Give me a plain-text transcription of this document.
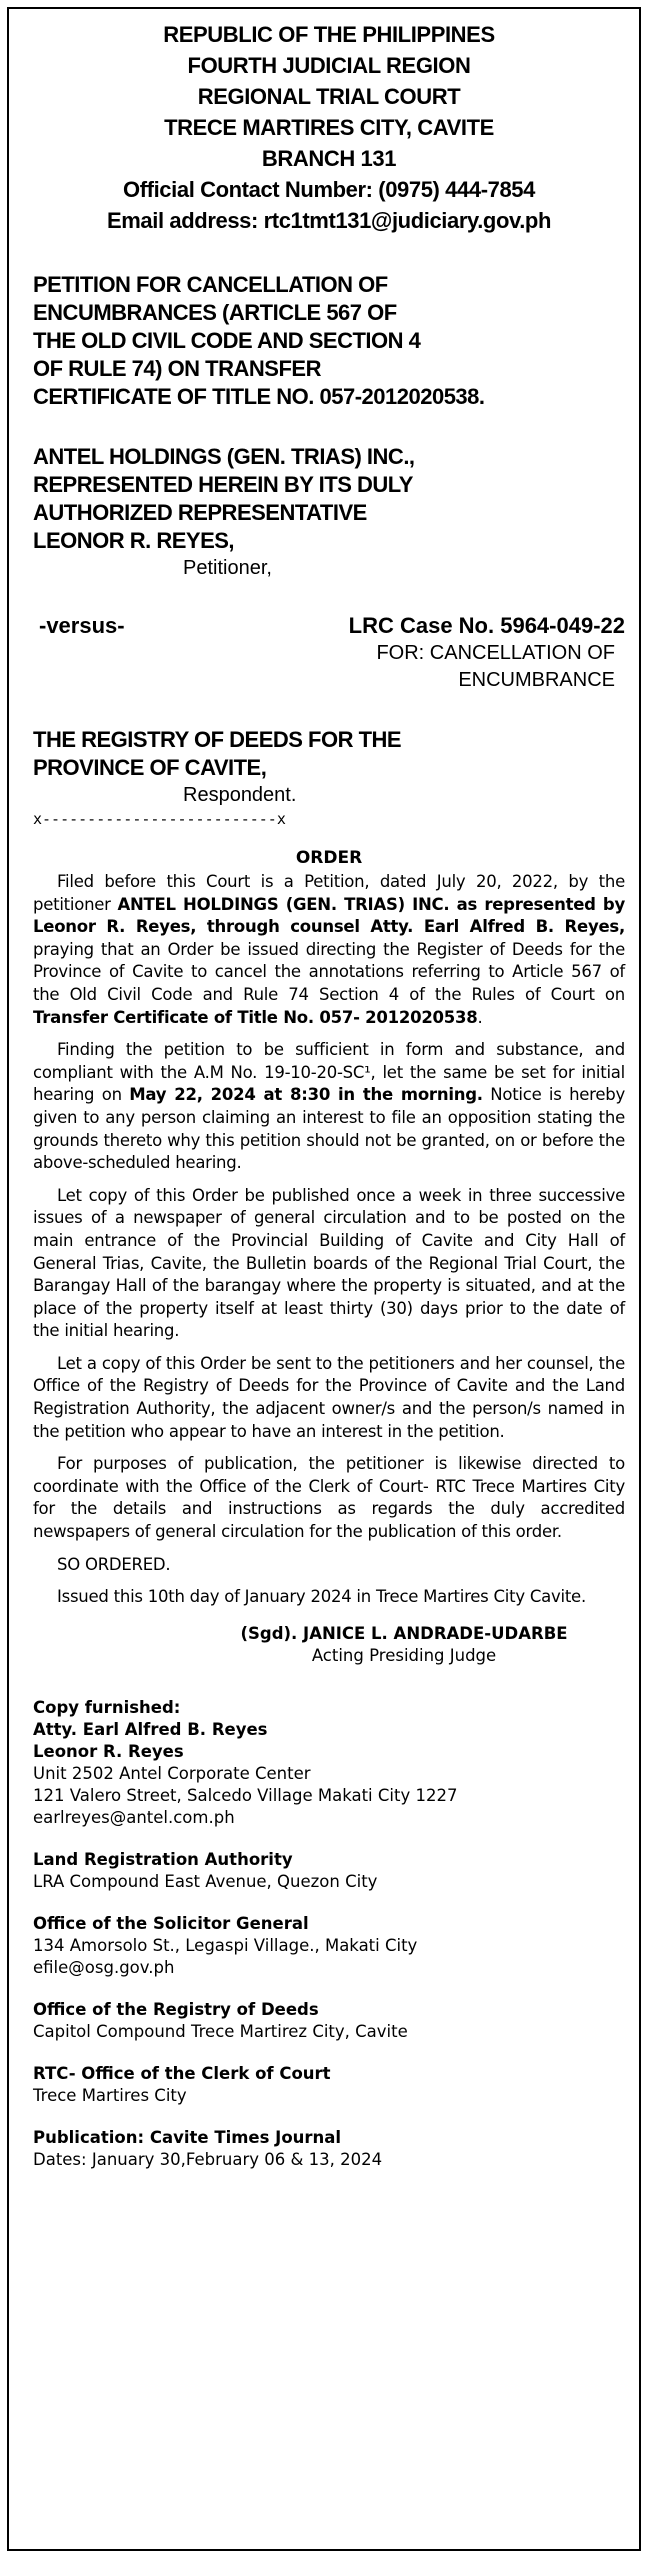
REPUBLIC OF THE PHILIPPINES
FOURTH JUDICIAL REGION
REGIONAL TRIAL COURT
TRECE MARTIRES CITY, CAVITE
BRANCH 131
Official Contact Number: (0975) 444-7854
Email address: rtc1tmt131@judiciary.gov.ph
PETITION FOR CANCELLATION OF
ENCUMBRANCES (ARTICLE 567 OF
THE OLD CIVIL CODE AND SECTION 4
OF RULE 74) ON TRANSFER
CERTIFICATE OF TITLE NO. 057-2012020538.
ANTEL HOLDINGS (GEN. TRIAS) INC.,
REPRESENTED HEREIN BY ITS DULY
AUTHORIZED REPRESENTATIVE
LEONOR R. REYES,
Petitioner,
-versus-	LRC Case No. 5964-049-22
FOR: CANCELLATION OF
ENCUMBRANCE
THE REGISTRY OF DEEDS FOR THE
PROVINCE OF CAVITE,
Respondent.
x--------------------------x
ORDER

Filed before this Court is a Petition, dated July 20, 2022, by the petitioner ANTEL HOLDINGS (GEN. TRIAS) INC. as represented by Leonor R. Reyes, through counsel Atty. Earl Alfred B. Reyes, praying that an Order be issued directing the Register of Deeds for the Province of Cavite to cancel the annotations referring to Article 567 of the Old Civil Code and Rule 74 Section 4 of the Rules of Court on Transfer Certificate of Title No. 057- 2012020538.

Finding the petition to be sufficient in form and substance, and compliant with the A.M No. 19-10-20-SC¹, let the same be set for initial hearing on May 22, 2024 at 8:30 in the morning. Notice is hereby given to any person claiming an interest to file an opposition stating the grounds thereto why this petition should not be granted, on or before the above-scheduled hearing.

Let copy of this Order be published once a week in three successive issues of a newspaper of general circulation and to be posted on the main entrance of the Provincial Building of Cavite and City Hall of General Trias, Cavite, the Bulletin boards of the Regional Trial Court, the Barangay Hall of the barangay where the property is situated, and at the place of the property itself at least thirty (30) days prior to the date of the initial hearing.

Let a copy of this Order be sent to the petitioners and her counsel, the Office of the Registry of Deeds for the Province of Cavite and the Land Registration Authority, the adjacent owner/s and the person/s named in the petition who appear to have an interest in the petition.

For purposes of publication, the petitioner is likewise directed to coordinate with the Office of the Clerk of Court- RTC Trece Martires City for the details and instructions as regards the duly accredited newspapers of general circulation for the publication of this order.

SO ORDERED.

Issued this 10th day of January 2024 in Trece Martires City Cavite.

(Sgd). JANICE L. ANDRADE-UDARBE
Acting Presiding Judge
Copy furnished:
Atty. Earl Alfred B. Reyes
Leonor R. Reyes
Unit 2502 Antel Corporate Center
121 Valero Street, Salcedo Village Makati City 1227
earlreyes@antel.com.ph
Land Registration Authority
LRA Compound East Avenue, Quezon City
Office of the Solicitor General
134 Amorsolo St., Legaspi Village., Makati City
efile@osg.gov.ph
Office of the Registry of Deeds
Capitol Compound Trece Martirez City, Cavite
RTC- Office of the Clerk of Court
Trece Martires City
Publication: Cavite Times Journal
Dates: January 30,February 06 & 13, 2024
